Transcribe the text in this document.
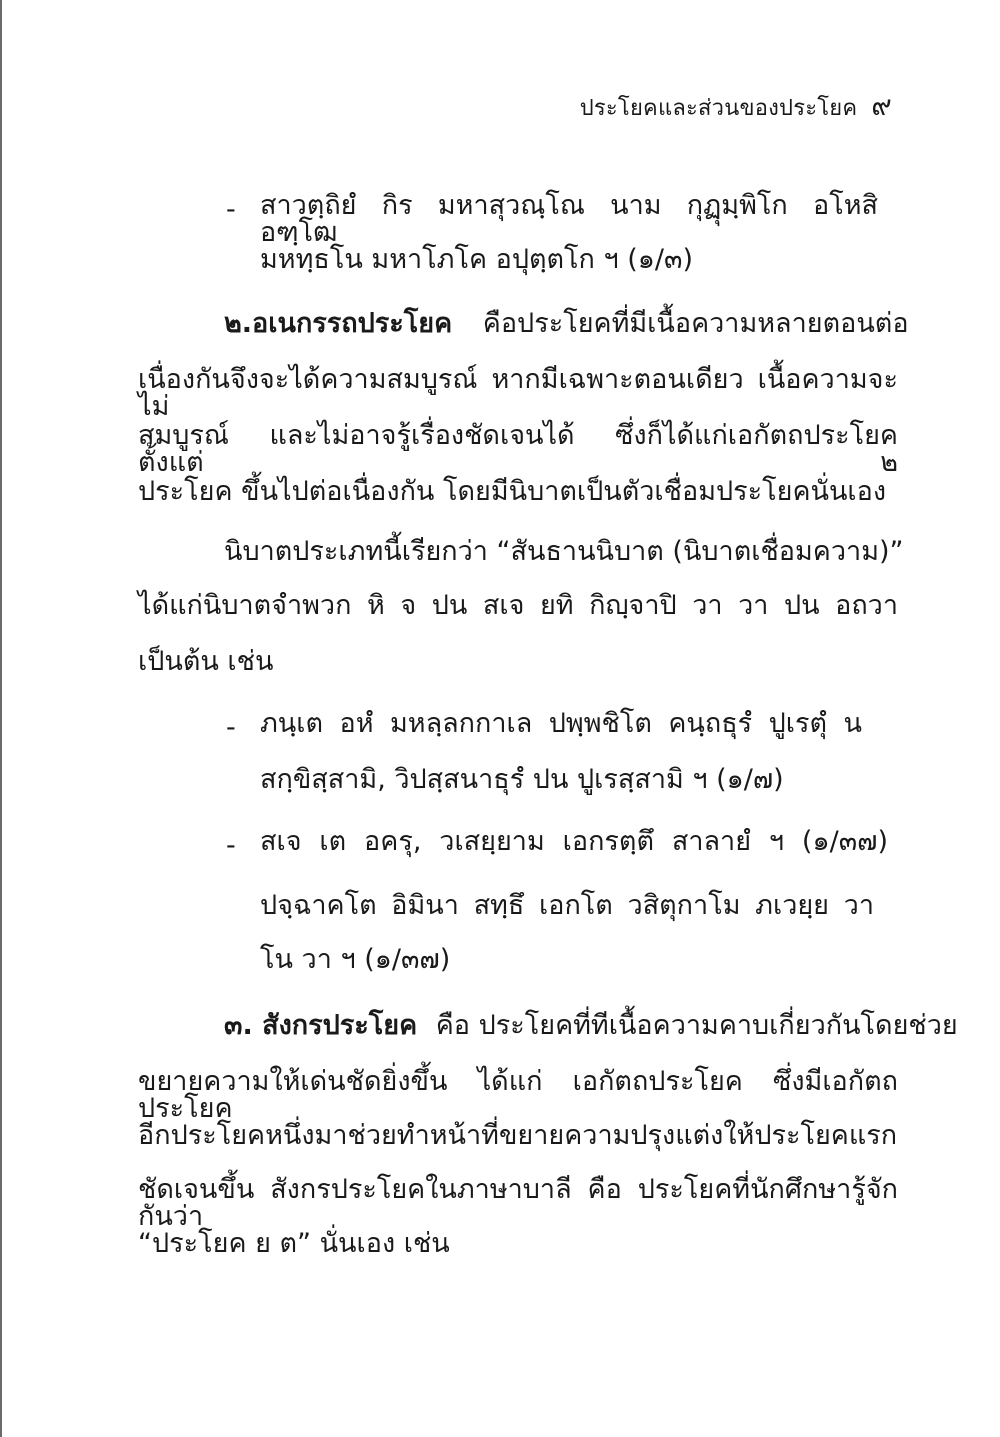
ประโยคและส่วนของประโยค ๙
- สาวตฺถิยํ กิร มหาสุวณฺโณ นาม กุฏุมฺพิโก อโหสิ อฑฺโฒ
มหทฺธโน มหาโภโค อปุตฺตโก ฯ (๑/๓)
๒.อเนกรรถประโยค คือประโยคที่มีเนื้อความหลายตอนต่อ
เนื่องกันจึงจะได้ความสมบูรณ์ หากมีเฉพาะตอนเดียว เนื้อความจะไม่
สมบูรณ์ และไม่อาจรู้เรื่องชัดเจนได้ ซึ่งก็ได้แก่เอกัตถประโยค ตั้งแต่ ๒
ประโยค ขึ้นไปต่อเนื่องกัน โดยมีนิบาตเป็นตัวเชื่อมประโยคนั่นเอง
นิบาตประเภทนี้เรียกว่า “สันธานนิบาต (นิบาตเชื่อมความ)”
ได้แก่นิบาตจำพวก หิ จ ปน สเจ ยทิ กิญฺจาปิ วา วา ปน อถวา
เป็นต้น เช่น
- ภนฺเต อหํ มหลฺลกกาเล ปพฺพชิโต คนฺถธุรํ ปูเรตุํ น
สกฺขิสฺสามิ, วิปสฺสนาธุรํ ปน ปูเรสฺสามิ ฯ (๑/๗)
- สเจ เต อครุ, วเสยฺยาม เอกรตฺตึ สาลายํ ฯ (๑/๓๗)
ปจฺฉาคโต อิมินา สทฺธึ เอกโต วสิตุกาโม ภเวยฺย วา
โน วา ฯ (๑/๓๗)
๓. สังกรประโยค คือ ประโยคที่ทีเนื้อความคาบเกี่ยวกันโดยช่วย
ขยายความให้เด่นชัดยิ่งขึ้น ได้แก่ เอกัตถประโยค ซึ่งมีเอกัตถประโยค
อีกประโยคหนึ่งมาช่วยทำหน้าที่ขยายความปรุงแต่งให้ประโยคแรก
ชัดเจนขึ้น สังกรประโยคในภาษาบาลี คือ ประโยคที่นักศึกษารู้จักกันว่า
“ประโยค ย ต” นั่นเอง เช่น
